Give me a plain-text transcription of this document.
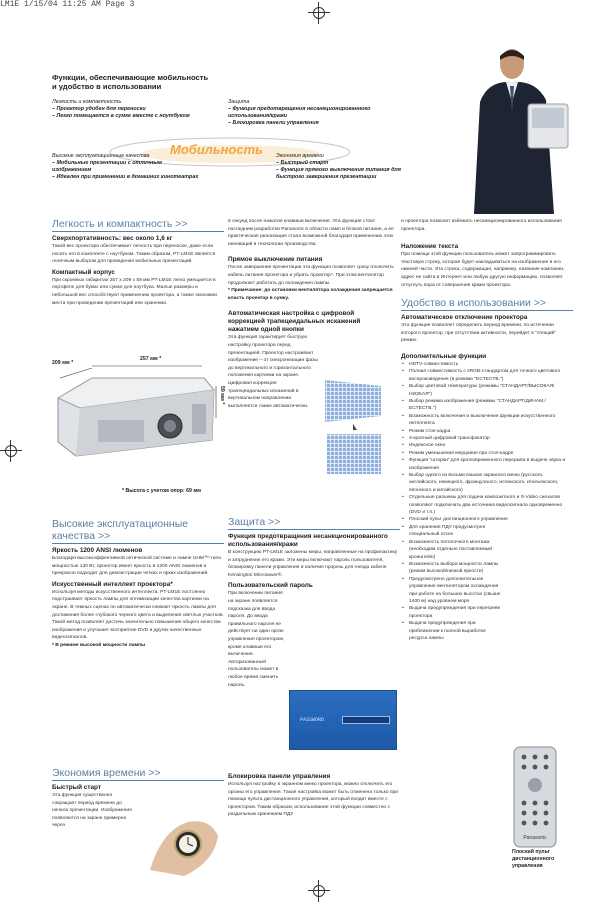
LM1E 1/15/04 11:25 AM Page 3
Функции, обеспечивающие мобильность
и удобство в использовании
Легкость и компактность
– Проектор удобен для переноски
– Легко помещается в сумке вместе с ноутбуком
Защита
– Функция предотвращения несанкционированного использования/кражи
– Блокировка панели управления
Мобильность
Высокие эксплуатационные качества
– Мобильные презентации с отличным изображением
– Идеален при применении в домашних кинотеатрах
Экономия времени
– Быстрый старт
– Функция прямого выключения питания для быстрого завершения презентации
Легкость и компактность >>
Сверхпортативность: вес около 1,6 кг
Такой вес проектора обеспечивает легкость при переноске, даже если носить его в комплекте с ноутбуком. Таким образом, PT-LM1E является логичным выбором для проведения мобильных презентаций.
Компактный корпус
При скромных габаритах 257 x 209 x 59 мм PT-LM1E легко умещается в портфеле для бумаг или сумке для ноутбука. Малые размеры и небольшой вес способствуют применению проектора, а также экономии места при проведении презентаций или хранении.
209 мм *
257 мм *
59 мм *
* Высота с учетом опор: 69 мм
Высокие эксплуатационные
качества >>
Яркость 1200 ANSI люменов
Благодаря высокоэффективной оптической системе и лампе UHM™-типа мощностью 130 Вт, проектор имеет яркость в 1200 ANSI люменов и прекрасно подходит для демонстрации четких и ярких изображений.
Искусственный интеллект проектора*
Используя методы искусственного интеллекта, PT-LM1E постоянно подстраивает яркость лампы для оптимизации качества картинки на экране. В темных сценах он автоматически снижает яркость лампы для достижения более глубокого черного цвета и выделения светлых участков. Такой метод позволяет достичь значительно повышения общего качества изображения и улучшает восприятие DVD и других качественных видеосигналов.
* В режиме высокой мощности лампы
Экономия времени >>
Быстрый старт
Эта функция существенно сокращает период времени до начала презентации. Изображения появляются на экране примерно через
5 секунд после нажатия клавиши включения. Эта функция стоит последним разработки Panasonic в области ламп и блоков питания, а ее практическая реализация стала возможной благодаря применению этих инноваций в технологии производства.
Прямое выключение питания
После завершения презентации эта функция позволяет сразу отключить кабель питания проектора и убрать проектор*. При этом вентилятор продолжает работать до охлаждения лампы.
* Примечание: до остановки вентилятора охлаждения запрещается класть проектор в сумку.
Автоматическая настройка с цифровой
коррекцией трапецеидальных искажений
нажатием одной кнопки
Эта функция гарантирует быструю настройку проектора перед презентацией. Проектор настраивает изображение – от синхронизации фазы до вертикального и горизонтального положения картинки на экране. Цифровая коррекция трапецеидальных искажений в вертикальном направлении выполняется также автоматически.
Защита >>
Функция предотвращения несанкционированного использования/кражи
В конструкцию PT-LM1E заложены меры, направленные на профилактику и затруднение его кражи. Эти меры включают пароль пользователя, блокировку панели управления и наличие прорезь для гнезда кабеля Kensington Microsaver®.
Пользовательский пароль
При включении питания на экране появляется подсказка для ввода пароля. До ввода правильного пароля не действует ни один орган управления проектором, кроме клавиши его включения. Авторизованный пользователь может в любое время сменить пароль.
PASSWORD
Блокировка панели управления
Используя настройку в экранном меню проектора, можно отключить его органы его управления. Такая настройка может быть отменена только при помощи пульта дистанционного управления, который входит вместе с проектором. Таким образом, использование этой функции совместно с раздельным хранением ПДУ
и проектора позволит избежать несанкционированного использования проектора.
Наложение текста
При помощи этой функции пользователь может запрограммировать текстовую строку, которая будет накладываться на изображение в его нижней части. Эта строка, содержащая, например, название компании, адрес ее сайта в Интернет или любую другую информацию, позволяет отпугнуть вора от совершения кражи проектора.
Удобство в использовании >>
Автоматическое отключение проектора
Эта функция позволяет определить период времени, по истечении которого проектор, при отсутствии активности, перейдет в "спящий" режим.
Дополнительные функции
• HDTV-совместимость
• Полная совместимость с sRGB-стандартом для точного цветового воспроизведения (в режиме "ЕСТЕСТВ.")
• Выбор цветовой температуры (режимы "СТАНДАРТ/ВЫСОКАЯ/НИЗКАЯ")
• Выбор режима изображения (режимы "СТАНДАРТ/ДИНАМ./ЕСТЕСТВ.")
• Возможность включения и выключения функции искусственного интеллекта
• Режим стоп-кадра
• 3-кратный цифровой трансфокатор
• Индексное окно
• Режим уменьшения мерцания при стоп-кадре
• Функция "шторки" для кратковременного перерыва в выдаче звука и изображения
• Выбор одного из восьми языков экранного меню (русского, английского, немецкого, французского, испанского, итальянского, японского и китайского)
• Отдельные разъемы для подачи композитного и S-Video сигналов позволяют подключать два источника видеосигнала одновременно (DVD и т.п.)
• Плоский пульт дистанционного управления
• Для хранения ПДУ предусмотрен специальный отсек
• Возможность потолочного монтажа (необходим отдельно поставляемый кронштейн)
• Возможность выбора мощности лампы (режим высокой/низкой яркости)
• Предусмотрено дополнительное управление вентилятором охлаждения при работе на больших высотах (свыше 1400 м) над уровнем моря
• Выдача предупреждения при перегреве проектора
• Выдача предупреждения при приближении к полной выработке ресурса лампы
Panasonic
Плоский пульт
дистанционного
управления
